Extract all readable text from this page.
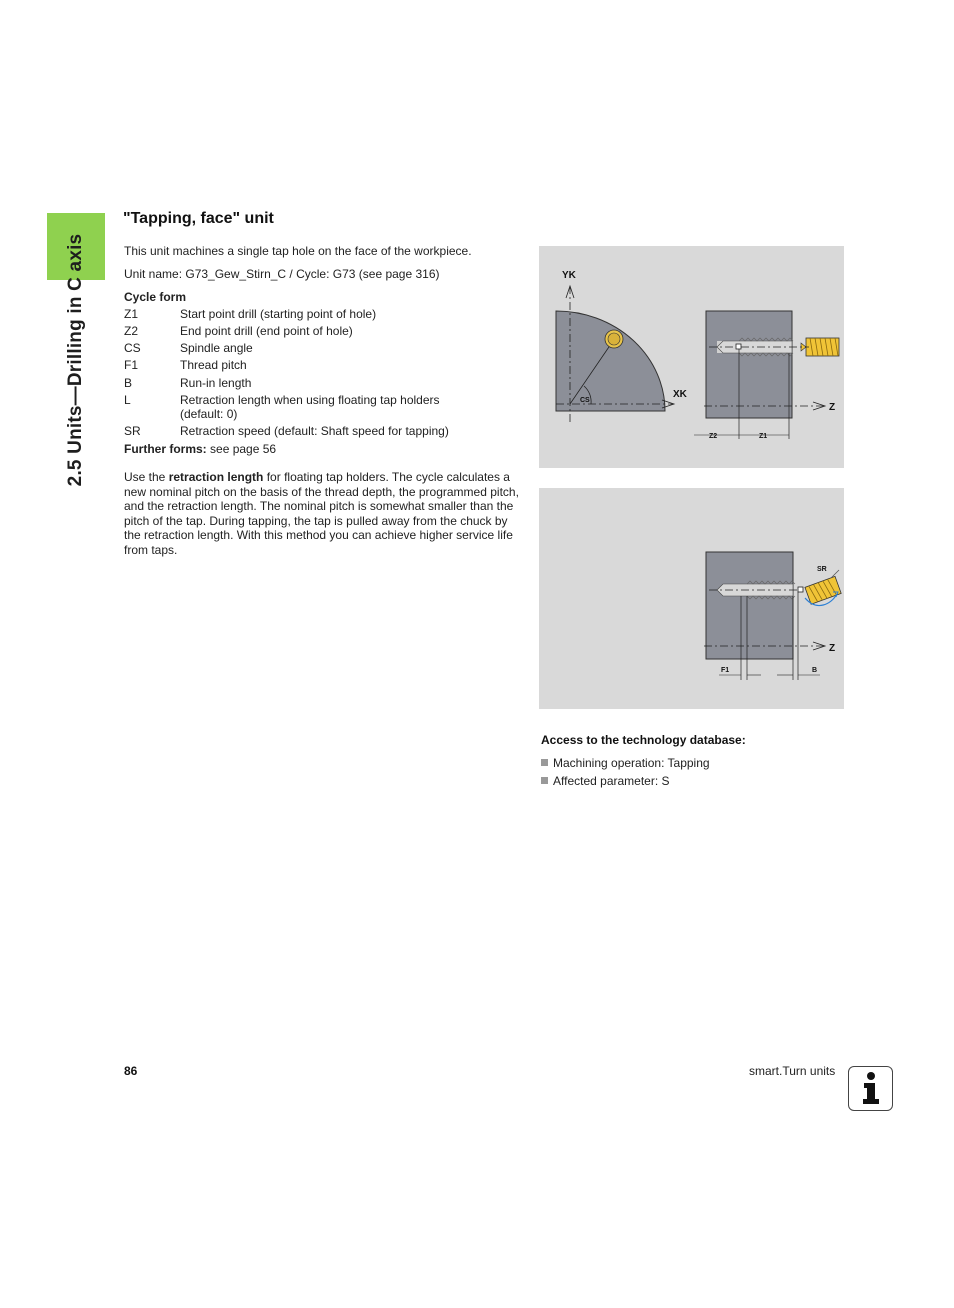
2.5 Units—Drilling in C axis
"Tapping, face" unit
This unit machines a single tap hole on the face of the workpiece.
Unit name: G73_Gew_Stirn_C / Cycle: G73 (see page 316)
Cycle form
Z1	Start point drill (starting point of hole)
Z2	End point drill (end point of hole)
CS	Spindle angle
F1	Thread pitch
B	Run-in length
L	Retraction length when using floating tap holders (default: 0)
SR	Retraction speed (default: Shaft speed for tapping)
Further forms: see page 56
Use the retraction length for floating tap holders. The cycle calculates a new nominal pitch on the basis of the thread depth, the programmed pitch, and the retraction length. The nominal pitch is somewhat smaller than the pitch of the tap. During tapping, the tap is pulled away from the chuck by the retraction length. With this method you can achieve higher service life from taps.
YK
XK
CS
Z
Z2	Z1
SR
Z
F1	B
Access to the technology database:
Machining operation: Tapping
Affected parameter: S
86	smart.Turn units
